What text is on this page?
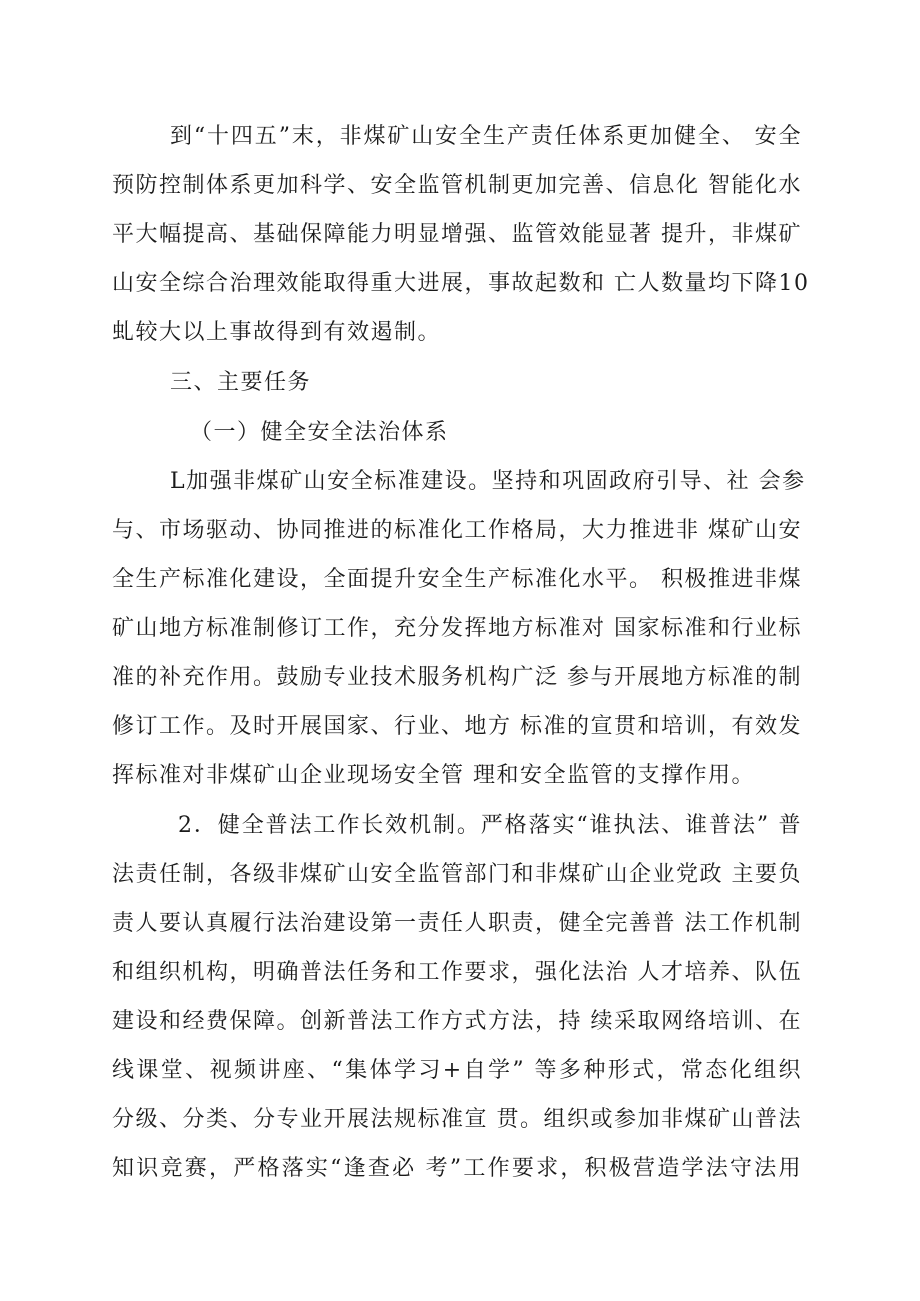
到“十四五”末，非煤矿山安全生产责任体系更加健全、 安全
预防控制体系更加科学、安全监管机制更加完善、信息化 智能化水
平大幅提高、基础保障能力明显增强、监管效能显著 提升，非煤矿
山安全综合治理效能取得重大进展，事故起数和 亡人数量均下降10
虬较大以上事故得到有效遏制。
三、主要任务
（一）健全安全法治体系
L加强非煤矿山安全标准建设。坚持和巩固政府引导、社 会参
与、市场驱动、协同推进的标准化工作格局，大力推进非 煤矿山安
全生产标准化建设，全面提升安全生产标准化水平。 积极推进非煤
矿山地方标准制修订工作，充分发挥地方标准对 国家标准和行业标
准的补充作用。鼓励专业技术服务机构广泛 参与开展地方标准的制
修订工作。及时开展国家、行业、地方 标准的宣贯和培训，有效发
挥标准对非煤矿山企业现场安全管 理和安全监管的支撑作用。
2．健全普法工作长效机制。严格落实“谁执法、谁普法” 普
法责任制，各级非煤矿山安全监管部门和非煤矿山企业党政 主要负
责人要认真履行法治建设第一责任人职责，健全完善普 法工作机制
和组织机构，明确普法任务和工作要求，强化法治 人才培养、队伍
建设和经费保障。创新普法工作方式方法，持 续采取网络培训、在
线课堂、视频讲座、“集体学习+自学” 等多种形式，常态化组织
分级、分类、分专业开展法规标准宣 贯。组织或参加非煤矿山普法
知识竞赛，严格落实“逢查必 考”工作要求，积极营造学法守法用
